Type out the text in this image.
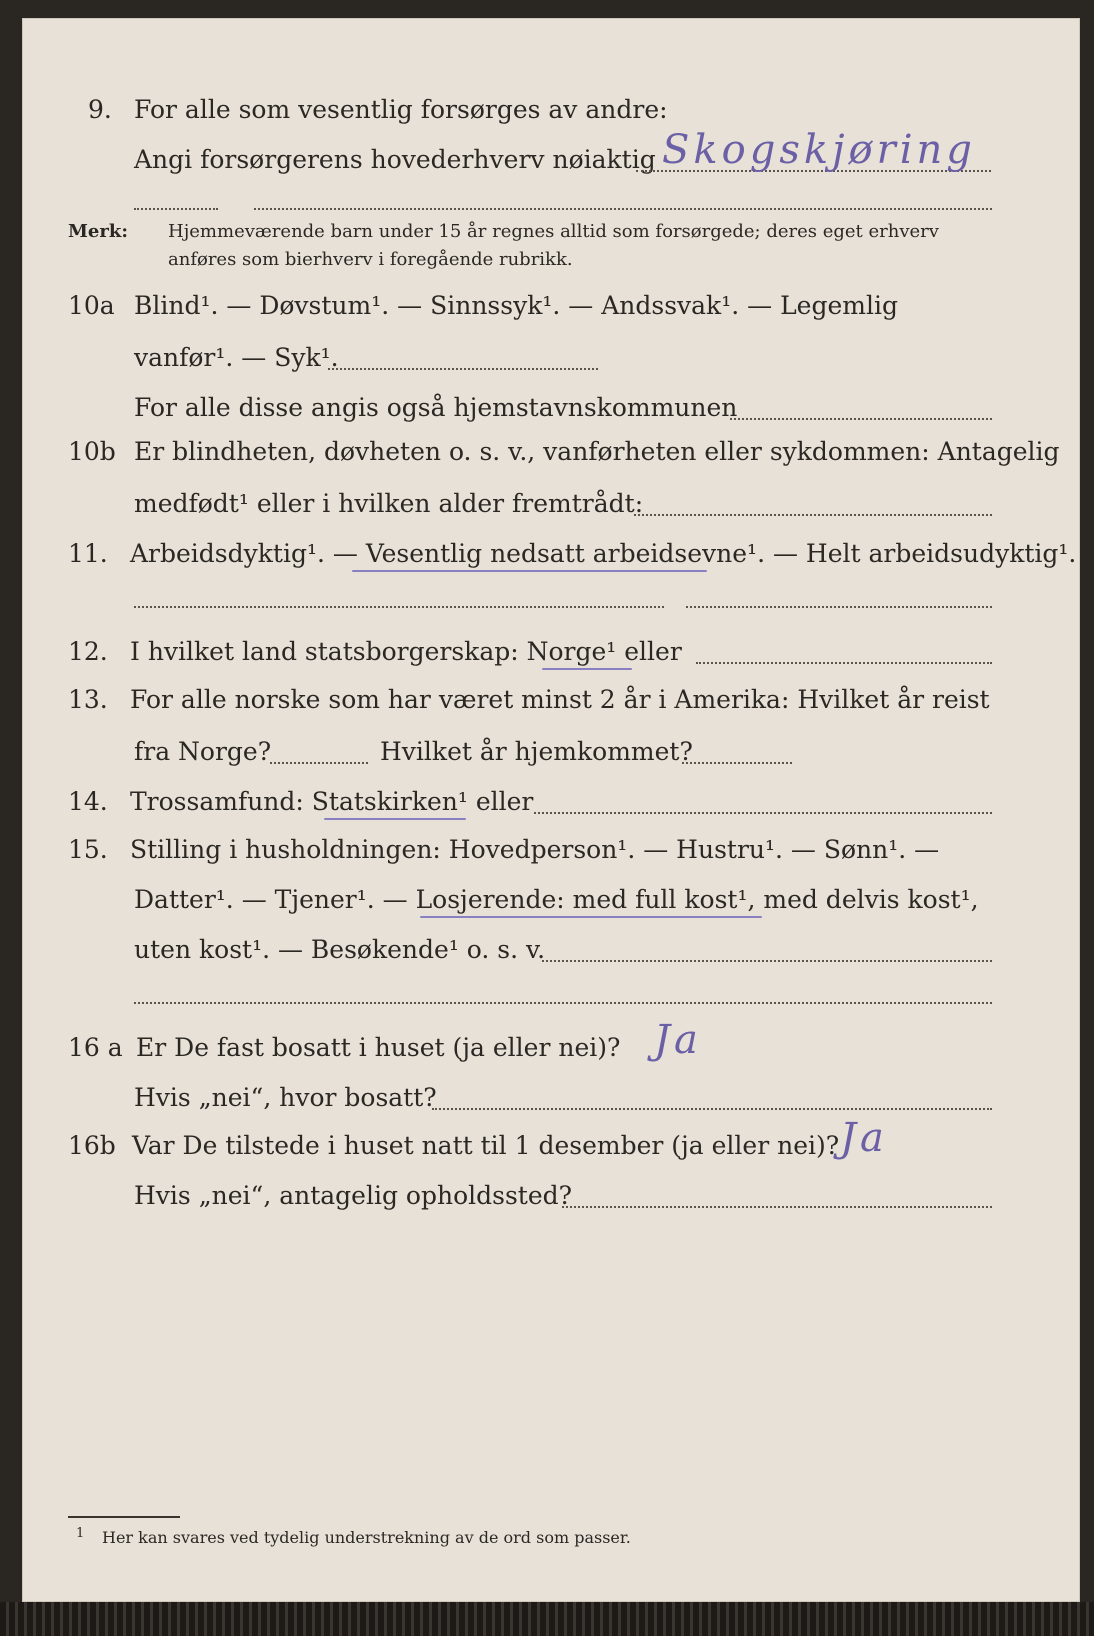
9. For alle som vesentlig forsørges av andre:
Angi forsørgerens hovederhverv nøiaktig Skogskjøring
Merk: Hjemmeværende barn under 15 år regnes alltid som forsørgede; deres eget erhverv
anføres som bierhverv i foregående rubrikk.
10a Blind¹. — Døvstum¹. — Sinnssyk¹. — Andssvak¹. — Legemlig
vanfør¹. — Syk¹.
For alle disse angis også hjemstavnskommunen
10b Er blindheten, døvheten o. s. v., vanførheten eller sykdommen: Antagelig
medfødt¹ eller i hvilken alder fremtrådt:
11. Arbeidsdyktig¹. — Vesentlig nedsatt arbeidsevne¹. — Helt arbeidsudyktig¹.
12. I hvilket land statsborgerskap: Norge¹ eller
13. For alle norske som har været minst 2 år i Amerika: Hvilket år reist
fra Norge?	Hvilket år hjemkommet?
14. Trossamfund: Statskirken¹ eller
15. Stilling i husholdningen: Hovedperson¹. — Hustru¹. — Sønn¹. —
Datter¹. — Tjener¹. — Losjerende: med full kost¹, med delvis kost¹,
uten kost¹. — Besøkende¹ o. s. v.
16 a Er De fast bosatt i huset (ja eller nei)? Ja
Hvis „nei“, hvor bosatt?
16b Var De tilstede i huset natt til 1 desember (ja eller nei)? Ja
Hvis „nei“, antagelig opholdssted?
1 Her kan svares ved tydelig understrekning av de ord som passer.
